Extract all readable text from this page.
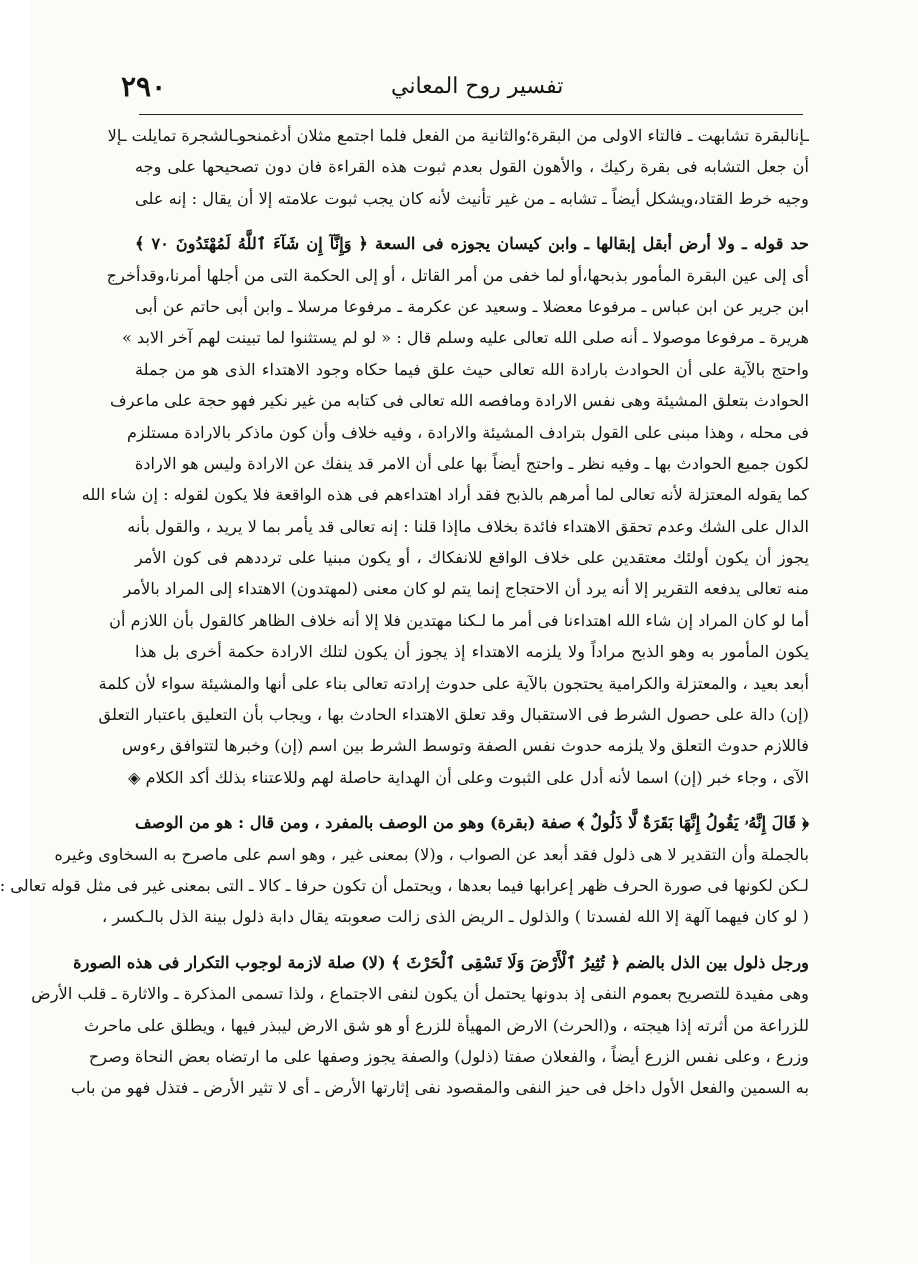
٢٩٠	تفسير روح المعاني
ـإنالبقرة تشابهت ـ فالتاء الاولى من البقرة؛والثانية من الفعل فلما اجتمع مثلان أدغمنحوـالشجرة تمايلت ـإلا
أن جعل التشابه فى بقرة ركيك ، والأهون القول بعدم ثبوت هذه القراءة فان دون تصحيحها على وجه
وجيه خرط القتاد،ويشكل أيضاً ـ تشابه ـ من غير تأنيث لأنه كان يجب ثبوت علامته إلا أن يقال : إنه على
حد قوله ـ ولا أرض أبقل إبقالها ـ وابن كيسان يجوزه فى السعة ﴿ وَإِنَّآ إِن شَآءَ ٱللَّهُ لَمُهْتَدُونَ ٧٠ ﴾
أى إلى عين البقرة المأمور بذبحها،أو لما خفى من أمر القاتل ، أو إلى الحكمة التى من أجلها أمرنا،وقدأخرج
ابن جرير عن ابن عباس ـ مرفوعا معضلا ـ وسعيد عن عكرمة ـ مرفوعا مرسلا ـ وابن أبى حاتم عن أبى
هريرة ـ مرفوعا موصولا ـ أنه صلى الله تعالى عليه وسلم قال : « لو لم يستثنوا لما تبينت لهم آخر الابد »
واحتج بالآية على أن الحوادث بارادة الله تعالى حيث علق فيما حكاه وجود الاهتداء الذى هو من جملة
الحوادث بتعلق المشيئة وهى نفس الارادة ومافصه الله تعالى فى كتابه من غير نكير فهو حجة على ماعرف
فى محله ، وهذا مبنى على القول بترادف المشيئة والارادة ، وفيه خلاف وأن كون ماذكر بالارادة مستلزم
لكون جميع الحوادث بها ـ وفيه نظر ـ واحتج أيضاً بها على أن الامر قد ينفك عن الارادة وليس هو الارادة
كما يقوله المعتزلة لأنه تعالى لما أمرهم بالذبح فقد أراد اهتداءهم فى هذه الواقعة فلا يكون لقوله : إن شاء الله
الدال على الشك وعدم تحقق الاهتداء فائدة بخلاف ماإذا قلنا : إنه تعالى قد يأمر بما لا يريد ، والقول بأنه
يجوز أن يكون أولئك معتقدين على خلاف الواقع للانفكاك ، أو يكون مبنيا على ترددهم فى كون الأمر
منه تعالى يدفعه التقرير إلا أنه يرد أن الاحتجاج إنما يتم لو كان معنى (لمهتدون) الاهتداء إلى المراد بالأمر
أما لو كان المراد إن شاء الله اهتداءنا فى أمر ما لـكنا مهتدين فلا إلا أنه خلاف الظاهر كالقول بأن اللازم أن
يكون المأمور به وهو الذبح مراداً ولا يلزمه الاهتداء إذ يجوز أن يكون لتلك الارادة حكمة أخرى بل هذا
أبعد بعيد ، والمعتزلة والكرامية يحتجون بالآية على حدوث إرادته تعالى بناء على أنها والمشيئة سواء لأن كلمة
(إن) دالة على حصول الشرط فى الاستقبال وقد تعلق الاهتداء الحادث بها ، ويجاب بأن التعليق باعتبار التعلق
فاللازم حدوث التعلق ولا يلزمه حدوث نفس الصفة وتوسط الشرط بين اسم (إن) وخبرها لتتوافق رءوس
الآى ، وجاء خبر (إن) اسما لأنه أدل على الثبوت وعلى أن الهداية حاصلة لهم وللاعتناء بذلك أكد الكلام ◈
﴿ قَالَ إِنَّهُۥ يَقُولُ إِنَّهَا بَقَرَةٌ لَّا ذَلُولٌ ﴾ صفة (بقرة) وهو من الوصف بالمفرد ، ومن قال : هو من الوصف
بالجملة وأن التقدير لا هى ذلول فقد أبعد عن الصواب ، و(لا) بمعنى غير ، وهو اسم على ماصرح به السخاوى وغيره
لـكن لكونها فى صورة الحرف ظهر إعرابها فيما بعدها ، ويحتمل أن تكون حرفا ـ كالا ـ التى بمعنى غير فى مثل قوله تعالى :
( لو كان فيهما آلهة إلا الله لفسدتا ) والذلول ـ الريض الذى زالت صعوبته يقال دابة ذلول بينة الذل بالـكسر ،
ورجل ذلول بين الذل بالضم ﴿ تُثِيرُ ٱلْأَرْضَ وَلَا تَسْقِى ٱلْحَرْثَ ﴾ (لا) صلة لازمة لوجوب التكرار فى هذه الصورة
وهى مفيدة للتصريح بعموم النفى إذ بدونها يحتمل أن يكون لنفى الاجتماع ، ولذا تسمى المذكرة ـ والاثارة ـ قلب الأرض
للزراعة من أثرته إذا هيجته ، و(الحرث) الارض المهيأة للزرع أو هو شق الارض ليبذر فيها ، ويطلق على ماحرث
وزرع ، وعلى نفس الزرع أيضاً ، والفعلان صفتا (ذلول) والصفة يجوز وصفها على ما ارتضاه بعض النحاة وصرح
به السمين والفعل الأول داخل فى حيز النفى والمقصود نفى إثارتها الأرض ـ أى لا تثير الأرض ـ فتذل فهو من باب
